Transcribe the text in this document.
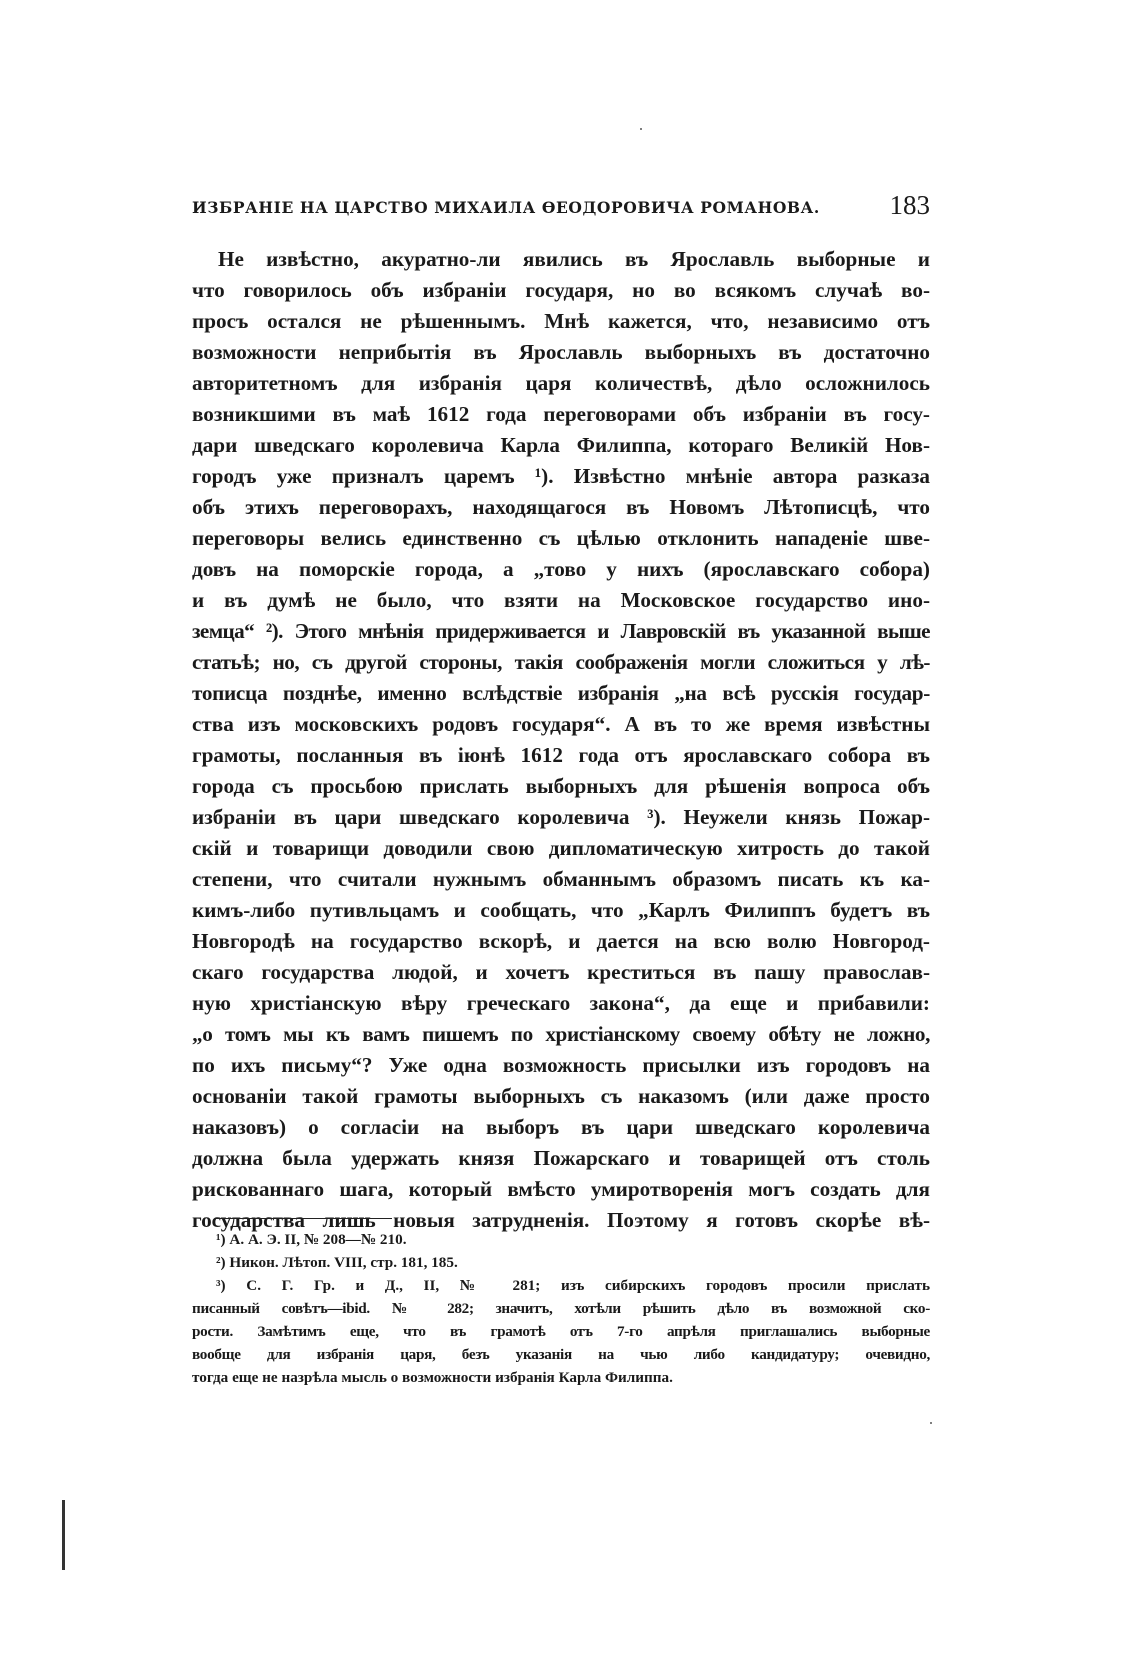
ИЗБРАНІЕ НА ЦАРСТВО МИХАИЛА ѲЕОДОРОВИЧА РОМАНОВА.	183
Не извѣстно, акуратно-ли явились въ Ярославль выборные и
что говорилось объ избраніи государя, но во всякомъ случаѣ во-
просъ остался не рѣшеннымъ. Мнѣ кажется, что, независимо отъ
возможности неприбытія въ Ярославль выборныхъ въ достаточно
авторитетномъ для избранія царя количествѣ, дѣло осложнилось
возникшими въ маѣ 1612 года переговорами объ избраніи въ госу-
дари шведскаго королевича Карла Филиппа, котораго Великій Нов-
городъ уже призналъ царемъ ¹). Извѣстно мнѣніе автора разказа
объ этихъ переговорахъ, находящагося въ Новомъ Лѣтописцѣ, что
переговоры велись единственно съ цѣлью отклонить нападеніе шве-
довъ на поморскіе города, а „тово у нихъ (ярославскаго собора)
и въ думѣ не было, что взяти на Московское государство ино-
земца“ ²). Этого мнѣнія придерживается и Лавровскій въ указанной выше
статьѣ; но, съ другой стороны, такія соображенія могли сложиться у лѣ-
тописца позднѣе, именно вслѣдствіе избранія „на всѣ русскія государ-
ства изъ московскихъ родовъ государя“. А въ то же время извѣстны
грамоты, посланныя въ іюнѣ 1612 года отъ ярославскаго собора въ
города съ просьбою прислать выборныхъ для рѣшенія вопроса объ
избраніи въ цари шведскаго королевича ³). Неужели князь Пожар-
скій и товарищи доводили свою дипломатическую хитрость до такой
степени, что считали нужнымъ обманнымъ образомъ писать къ ка-
кимъ-либо путивльцамъ и сообщать, что „Карлъ Филиппъ будетъ въ
Новгородѣ на государство вскорѣ, и дается на всю волю Новгород-
скаго государства людой, и хочетъ креститься въ пашу православ-
ную христіанскую вѣру греческаго закона“, да еще и прибавили:
„о томъ мы къ вамъ пишемъ по христіанскому своему обѣту не ложно,
по ихъ письму“? Уже одна возможность присылки изъ городовъ на
основаніи такой грамоты выборныхъ съ наказомъ (или даже просто
наказовъ) о согласіи на выборъ въ цари шведскаго королевича
должна была удержать князя Пожарскаго и товарищей отъ столь
рискованнаго шага, который вмѣсто умиротворенія могъ создать для
государства лишь новыя затрудненія. Поэтому я готовъ скорѣе вѣ-
¹) А. А. Э. II, № 208—№ 210.
²) Никон. Лѣтоп. VIII, стр. 181, 185.
³) С. Г. Гр. и Д., II, № 281; изъ сибирскихъ городовъ просили прислать
писанный совѣтъ—ibid. № 282; значитъ, хотѣли рѣшить дѣло въ возможной ско-
рости. Замѣтимъ еще, что въ грамотѣ отъ 7-го апрѣля приглашались выборные
вообще для избранія царя, безъ указанія на чью либо кандидатуру; очевидно,
тогда еще не назрѣла мысль о возможности избранія Карла Филиппа.
